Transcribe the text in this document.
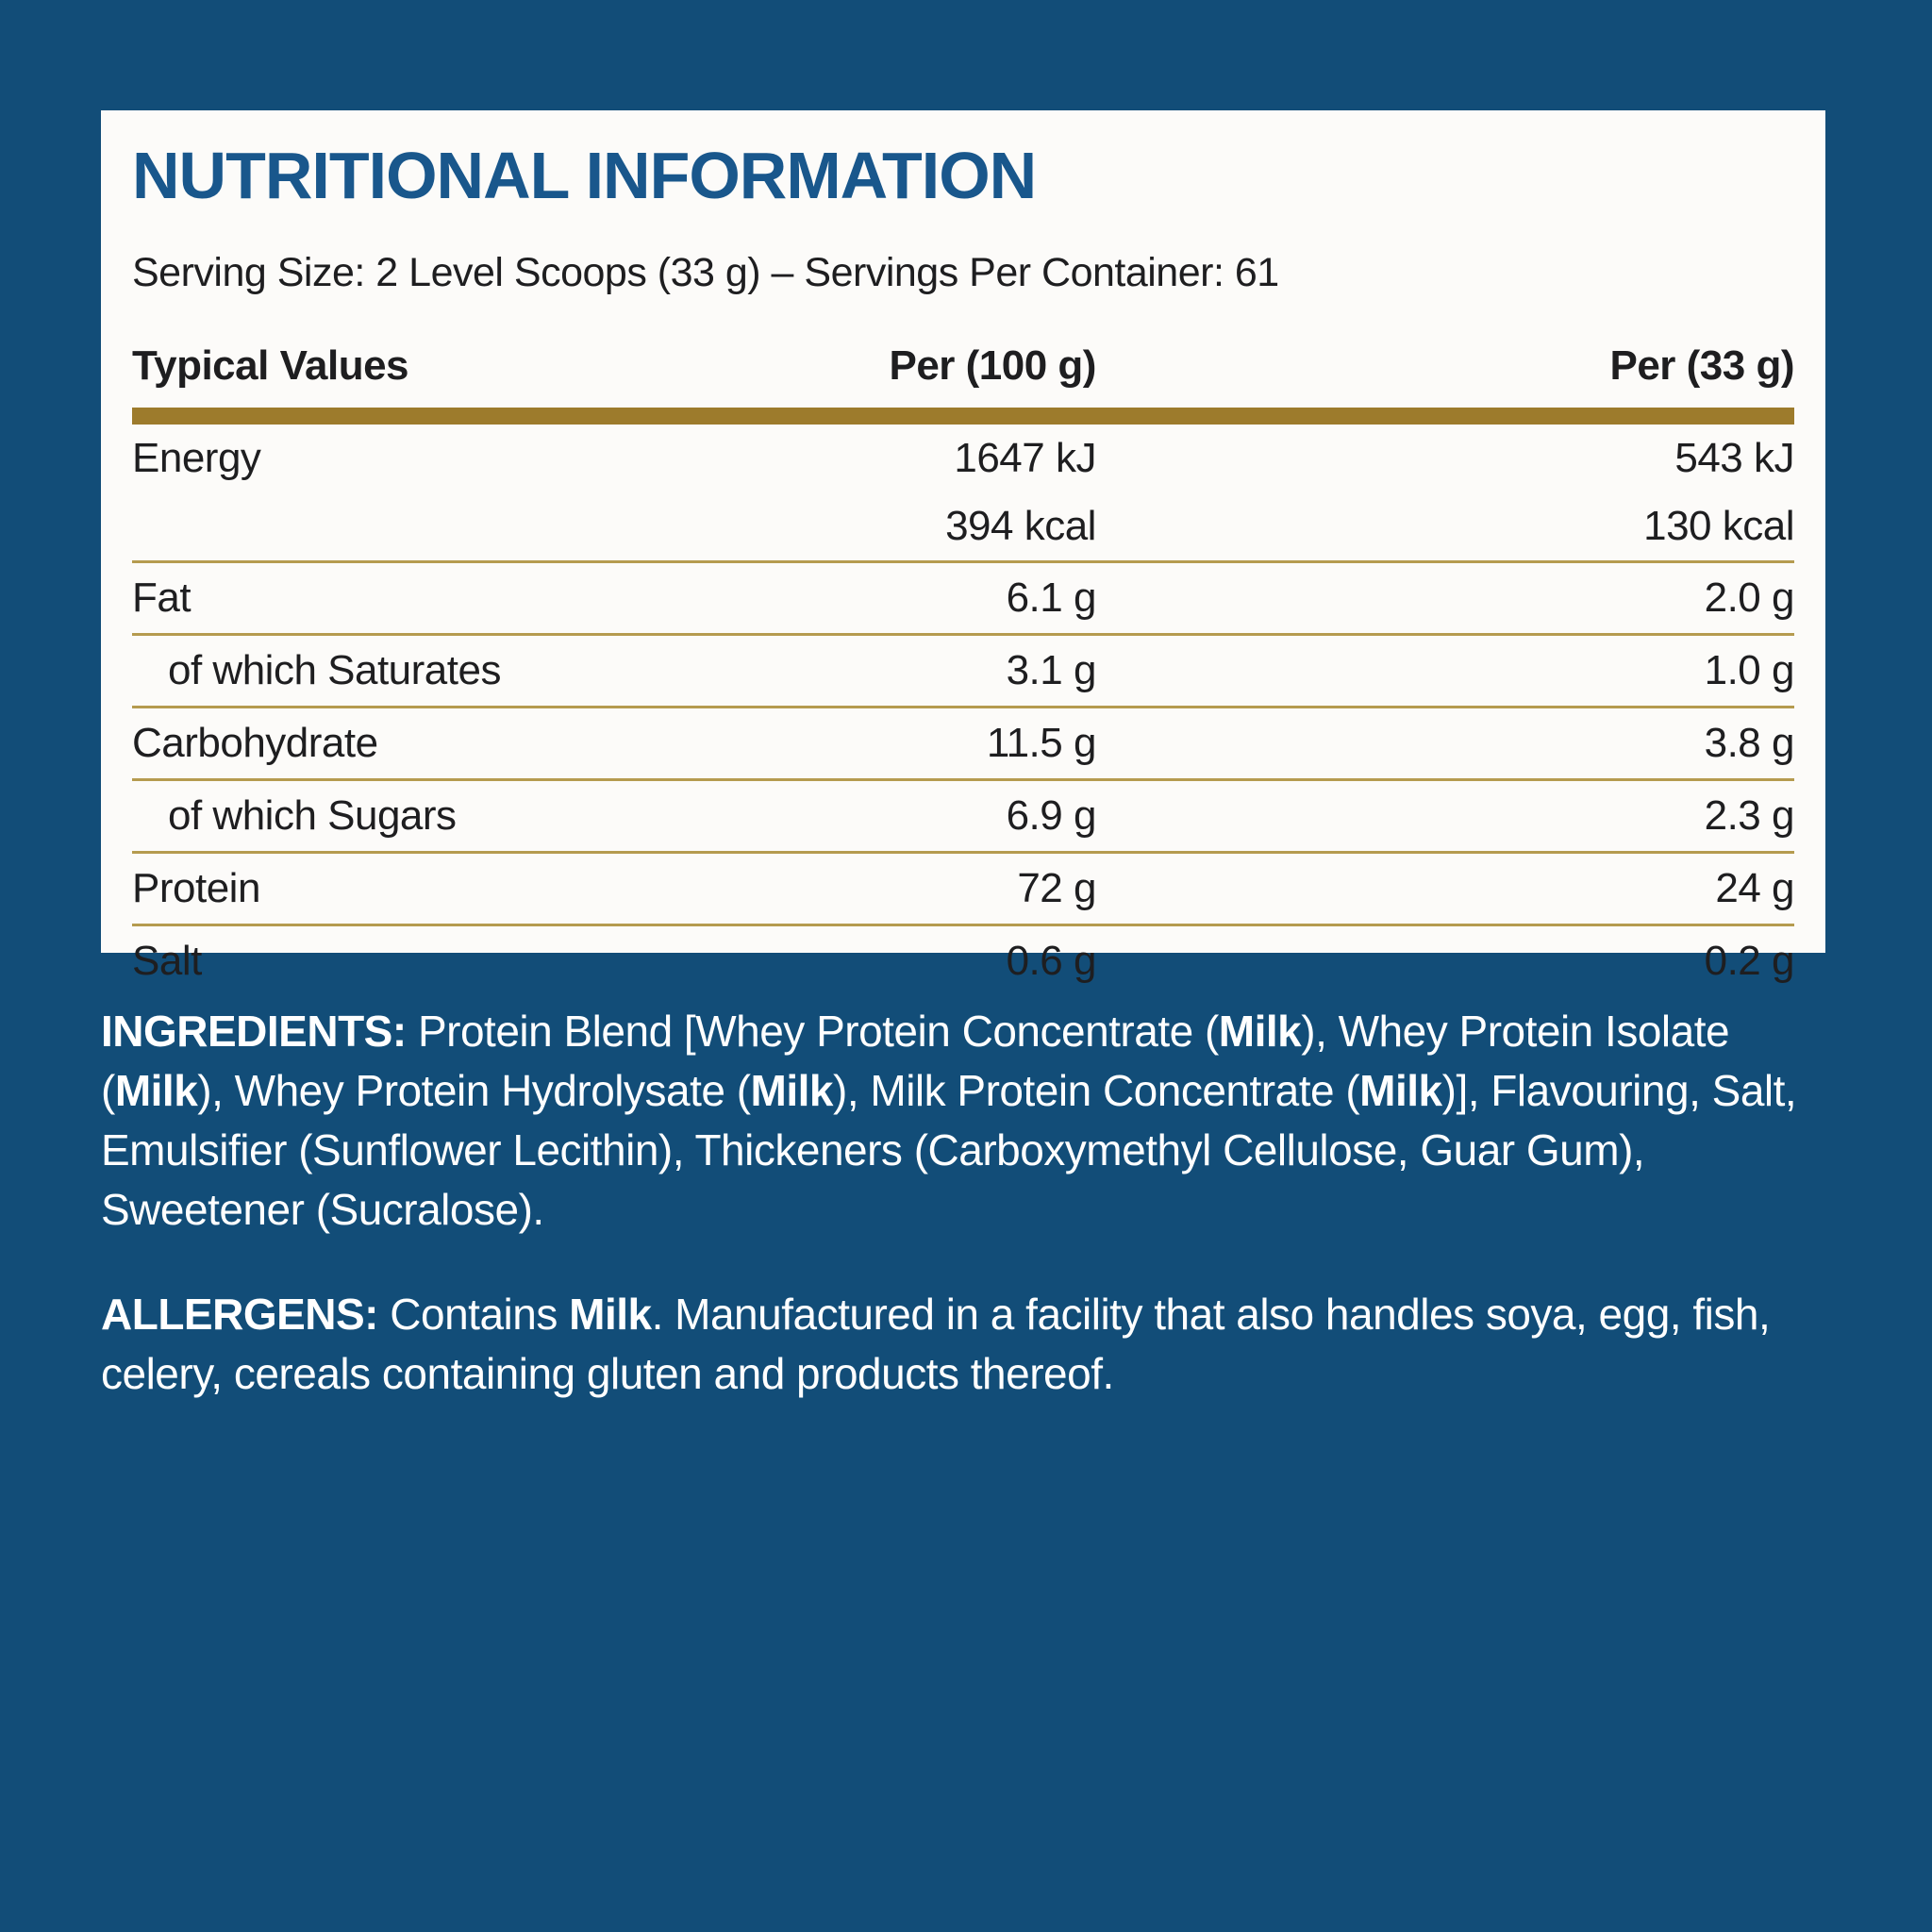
NUTRITIONAL INFORMATION
Serving Size: 2 Level Scoops (33 g) – Servings Per Container: 61
Typical Values	Per (100 g)	Per (33 g)
Energy	1647 kJ	543 kJ
394 kcal	130 kcal
Fat	6.1 g	2.0 g
of which Saturates	3.1 g	1.0 g
Carbohydrate	11.5 g	3.8 g
of which Sugars	6.9 g	2.3 g
Protein	72 g	24 g
Salt	0.6 g	0.2 g
INGREDIENTS: Protein Blend [Whey Protein Concentrate (Milk), Whey Protein Isolate (Milk), Whey Protein Hydrolysate (Milk), Milk Protein Concentrate (Milk)], Flavouring, Salt, Emulsifier (Sunflower Lecithin), Thickeners (Carboxymethyl Cellulose, Guar Gum), Sweetener (Sucralose).
ALLERGENS: Contains Milk. Manufactured in a facility that also handles soya, egg, fish, celery, cereals containing gluten and products thereof.
